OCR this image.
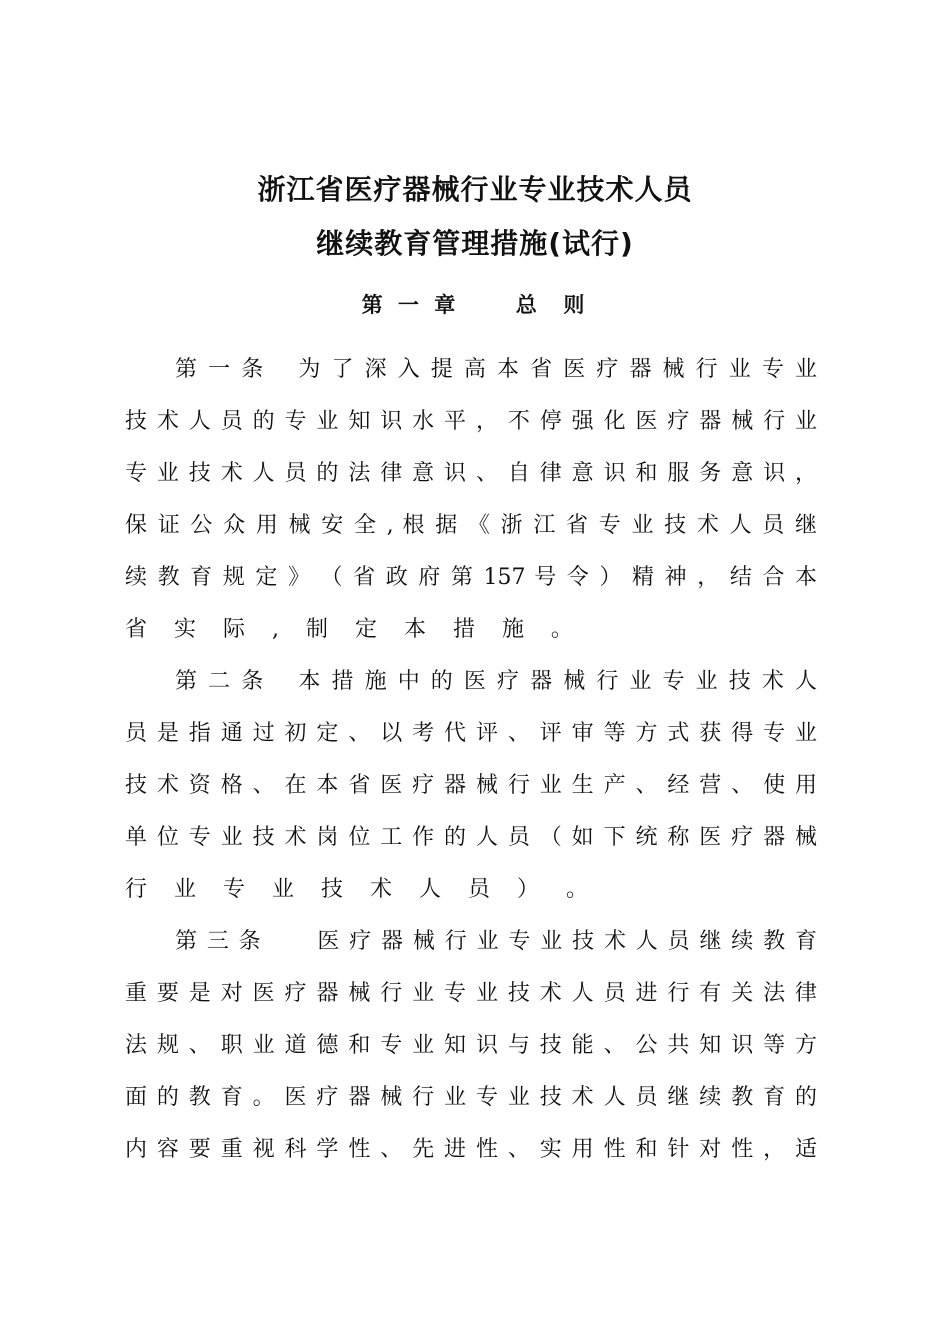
浙江省医疗器械行业专业技术人员
继续教育管理措施(试行)
第 一 章     总  则
第 一 条　 为 了 深 入 提 高 本 省 医 疗 器 械 行 业 专 业
技 术 人 员 的 专 业 知 识 水 平 ， 不 停 强 化 医 疗 器 械 行 业
专 业 技 术 人 员 的 法 律 意 识 、 自 律 意 识 和 服 务 意 识 ，
保 证 公 众 用 械 安 全 , 根 据 《 浙 江 省 专 业 技 术 人 员 继
续 教 育 规 定 》 （ 省 政 府 第 157 号 令 ） 精 神 ， 结 合 本
省 实 际 , 制 定 本 措 施 。
第 二 条　 本 措 施 中 的 医 疗 器 械 行 业 专 业 技 术 人
员 是 指 通 过 初 定 、 以 考 代 评 、 评 审 等 方 式 获 得 专 业
技 术 资 格 、 在 本 省 医 疗 器 械 行 业 生 产 、 经 营 、 使 用
单 位 专 业 技 术 岗 位 工 作 的 人 员 （ 如 下 统 称 医 疗 器 械
行 业 专 业 技 术 人 员 ） 。
第 三 条　　 医 疗 器 械 行 业 专 业 技 术 人 员 继 续 教 育
重 要 是 对 医 疗 器 械 行 业 专 业 技 术 人 员 进 行 有 关 法 律
法 规 、 职 业 道 德 和 专 业 知 识 与 技 能 、 公 共 知 识 等 方
面 的 教 育 。 医 疗 器 械 行 业 专 业 技 术 人 员 继 续 教 育 的
内 容 要 重 视 科 学 性 、 先 进 性 、 实 用 性 和 针 对 性 ， 适
